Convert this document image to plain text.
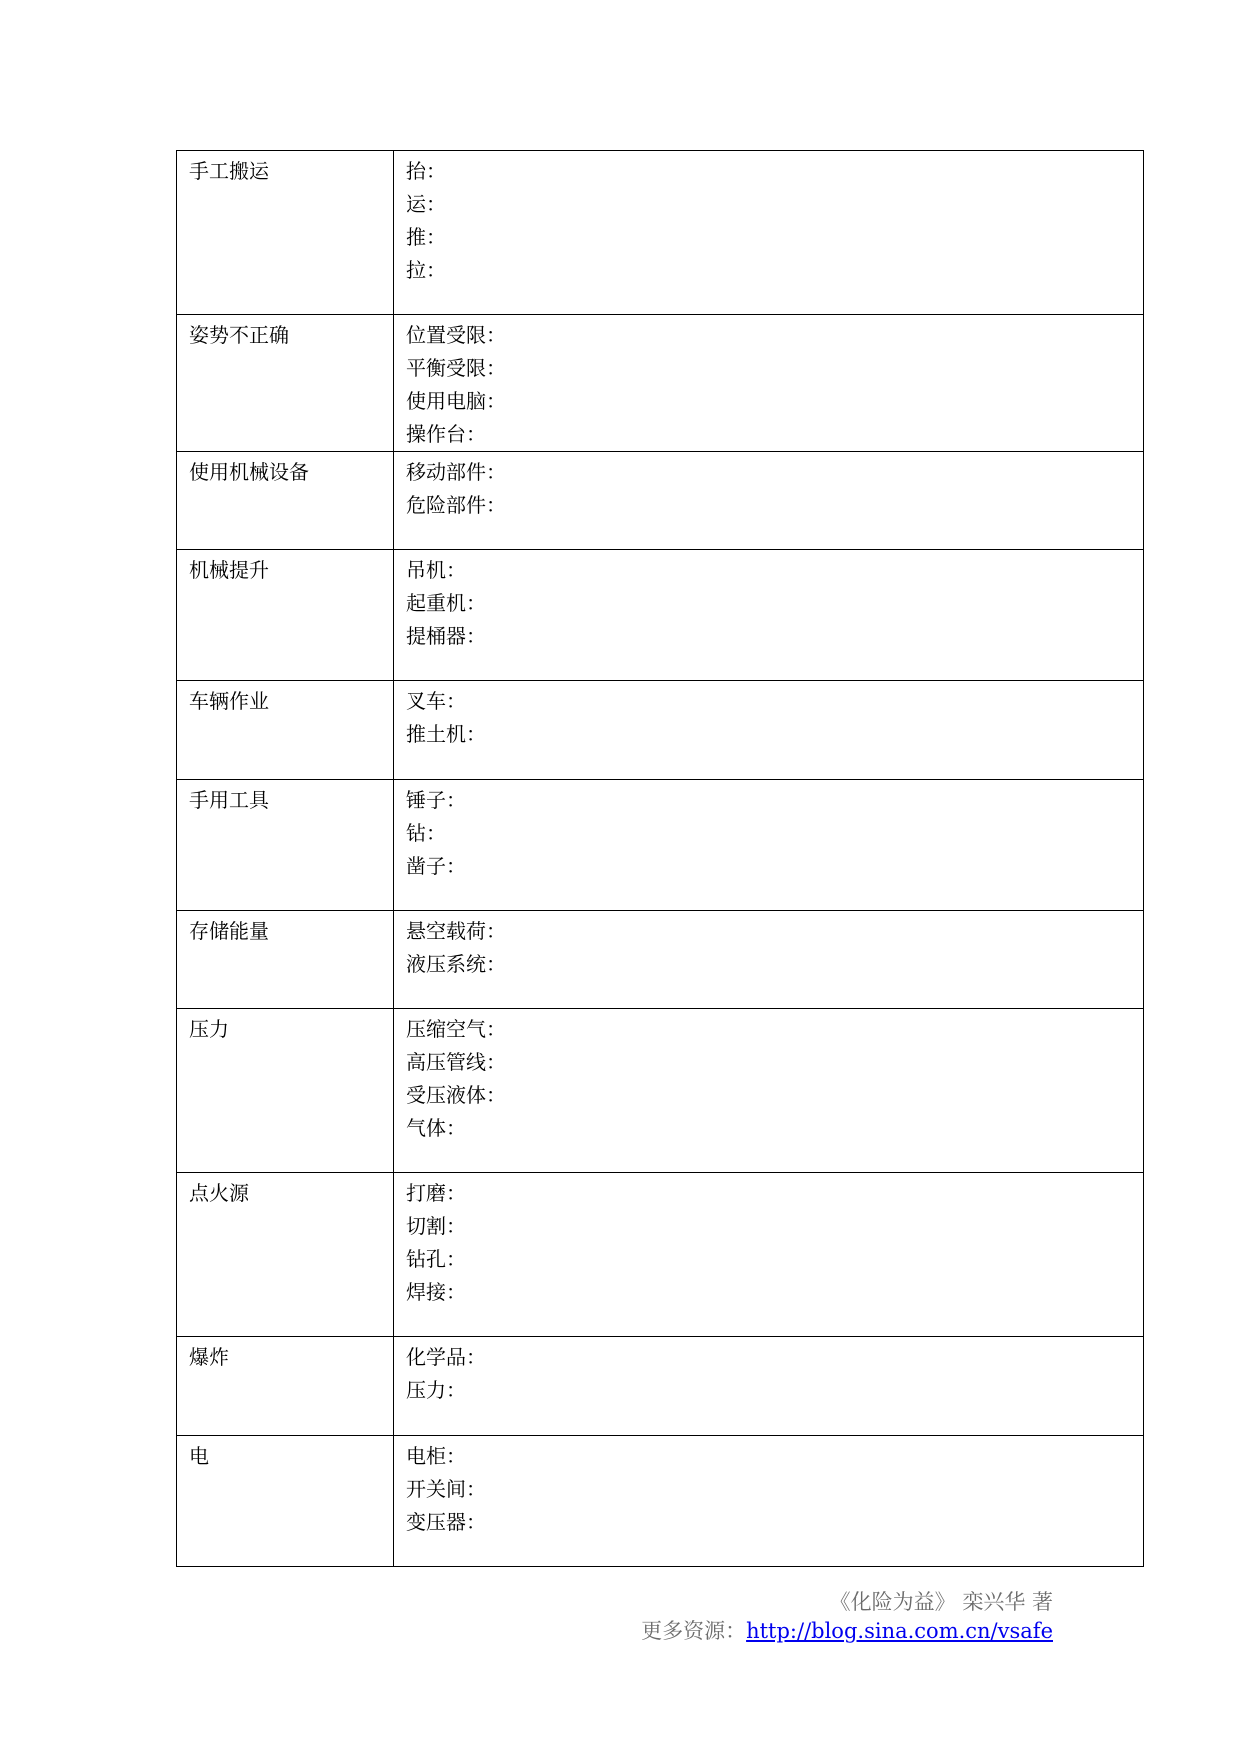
手工搬运	抬：
运：
推：
拉：

姿势不正确	位置受限：
平衡受限：
使用电脑：
操作台：

使用机械设备	移动部件：
危险部件：

机械提升	吊机：
起重机：
提桶器：

车辆作业	叉车：
推土机：

手用工具	锤子：
钻：
凿子：

存储能量	悬空载荷：
液压系统：

压力	压缩空气：
高压管线：
受压液体：
气体：

点火源	打磨：
切割：
钻孔：
焊接：

爆炸	化学品：
压力：

电	电柜：
开关间：
变压器：
《化险为益》 栾兴华 著
更多资源：http://blog.sina.com.cn/vsafe
